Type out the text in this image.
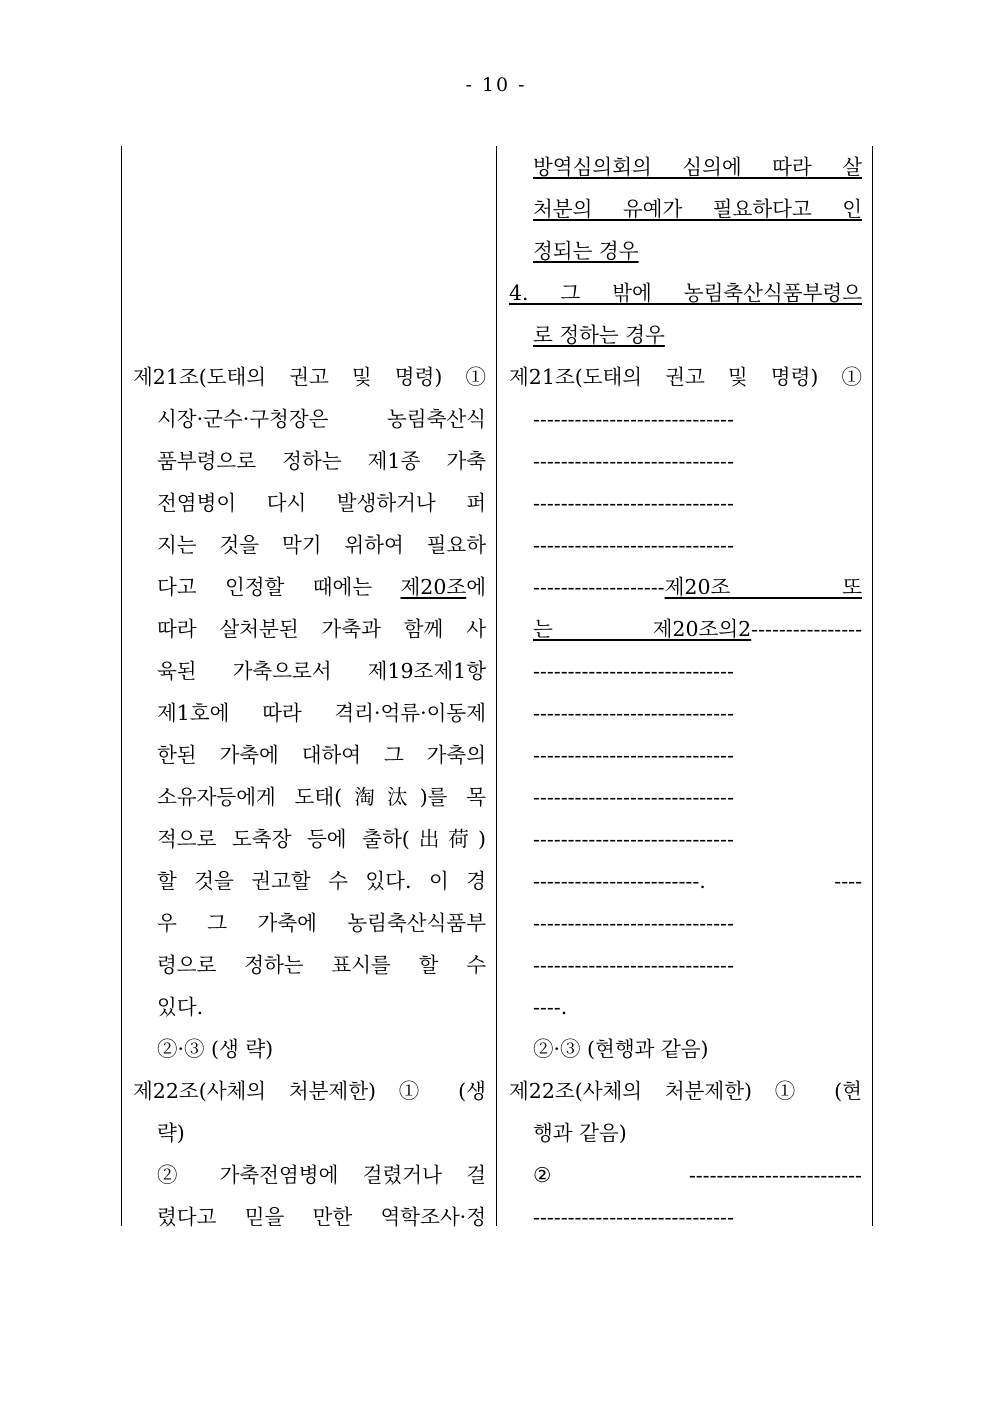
- 10 -
제21조(도태의 권고 및 명령) ①
시장·군수·구청장은 농림축산식
품부령으로 정하는 제1종 가축
전염병이 다시 발생하거나 퍼
지는 것을 막기 위하여 필요하
다고 인정할 때에는 제20조에
따라 살처분된 가축과 함께 사
육된 가축으로서 제19조제1항
제1호에 따라 격리·억류·이동제
한된 가축에 대하여 그 가축의
소유자등에게 도태(淘汰)를 목
적으로 도축장 등에 출하(出荷)
할 것을 권고할 수 있다. 이 경
우 그 가축에 농림축산식품부
령으로 정하는 표시를 할 수
있다.
②·③ (생 략)
제22조(사체의 처분제한) ① (생
략)
② 가축전염병에 걸렸거나 걸
렸다고 믿을 만한 역학조사·정
방역심의회의 심의에 따라 살
처분의 유예가 필요하다고 인
정되는 경우
4. 그 밖에 농림축산식품부령으
로 정하는 경우
제21조(도태의 권고 및 명령) ①
-----------------------------
-----------------------------
-----------------------------
-----------------------------
-------------------제20조 또
는 제20조의2----------------
-----------------------------
-----------------------------
-----------------------------
-----------------------------
-----------------------------
------------------------. ----
-----------------------------
-----------------------------
----.
②·③ (현행과 같음)
제22조(사체의 처분제한) ① (현
행과 같음)
② -------------------------
-----------------------------
